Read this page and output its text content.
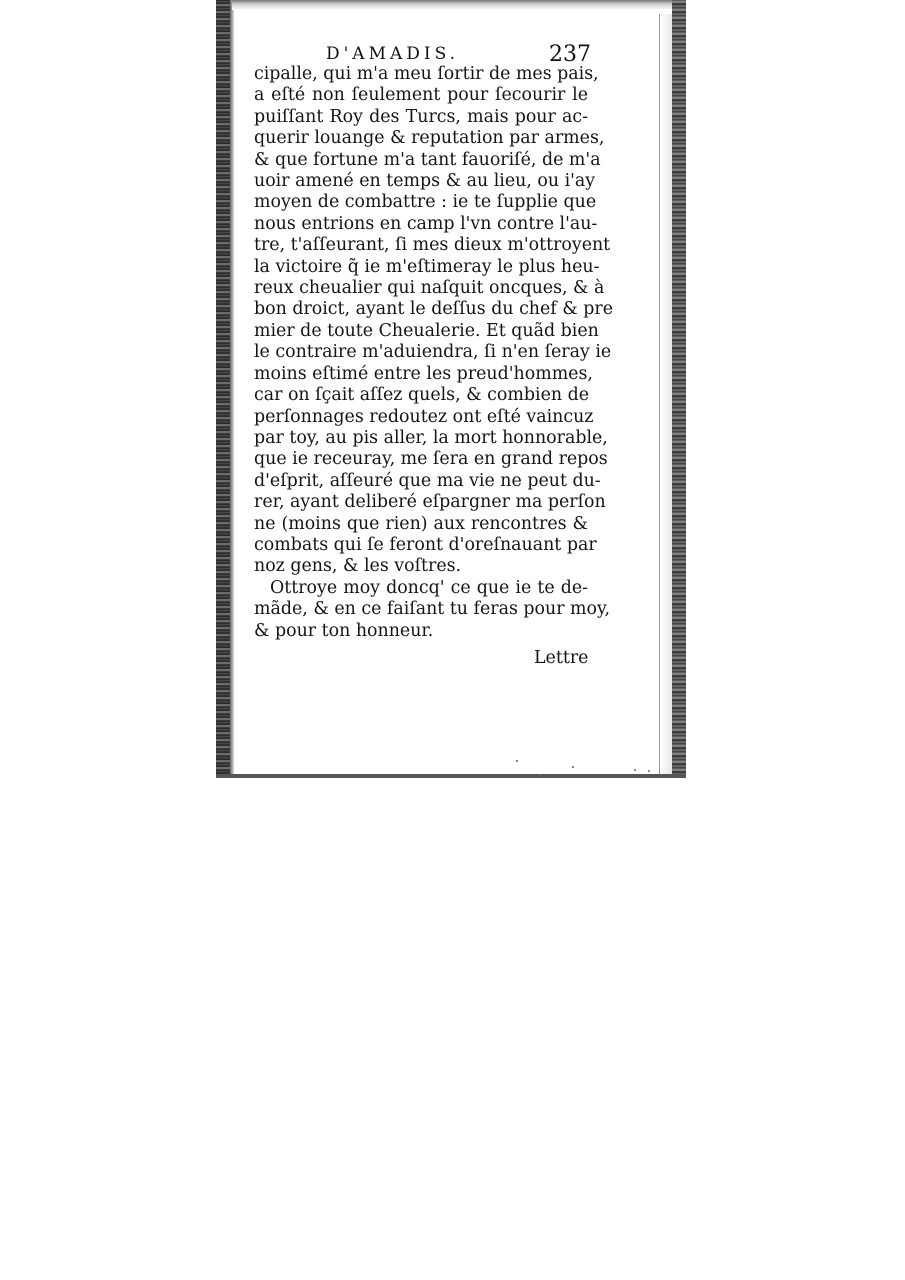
D'AMADIS.	237
cipalle, qui m'a meu ſortir de mes pais,
a eſté non ſeulement pour ſecourir le
puiſſant Roy des Turcs, mais pour ac-
querir louange & reputation par armes,
& que fortune m'a tant fauoriſé, de m'a
uoir amené en temps & au lieu, ou i'ay
moyen de combattre : ie te ſupplie que
nous entrions en camp l'vn contre l'au-
tre, t'aſſeurant, ſi mes dieux m'ottroyent
la victoire q̃ ie m'eſtimeray le plus heu-
reux cheualier qui naſquit oncques, & à
bon droict, ayant le deſſus du chef & pre
mier de toute Cheualerie. Et quãd bien
le contraire m'aduiendra, ſi n'en ſeray ie
moins eſtimé entre les preud'hommes,
car on ſçait aſſez quels, & combien de
perſonnages redoutez ont eſté vaincuz
par toy, au pis aller, la mort honnorable,
que ie receuray, me ſera en grand repos
d'eſprit, aſſeuré que ma vie ne peut du-
rer, ayant deliberé eſpargner ma perſon
ne (moins que rien) aux rencontres &
combats qui ſe feront d'oreſnauant par
noz gens, & les voſtres.
Ottroye moy doncq' ce que ie te de-
mãde, & en ce faiſant tu feras pour moy,
& pour ton honneur.
Lettre
